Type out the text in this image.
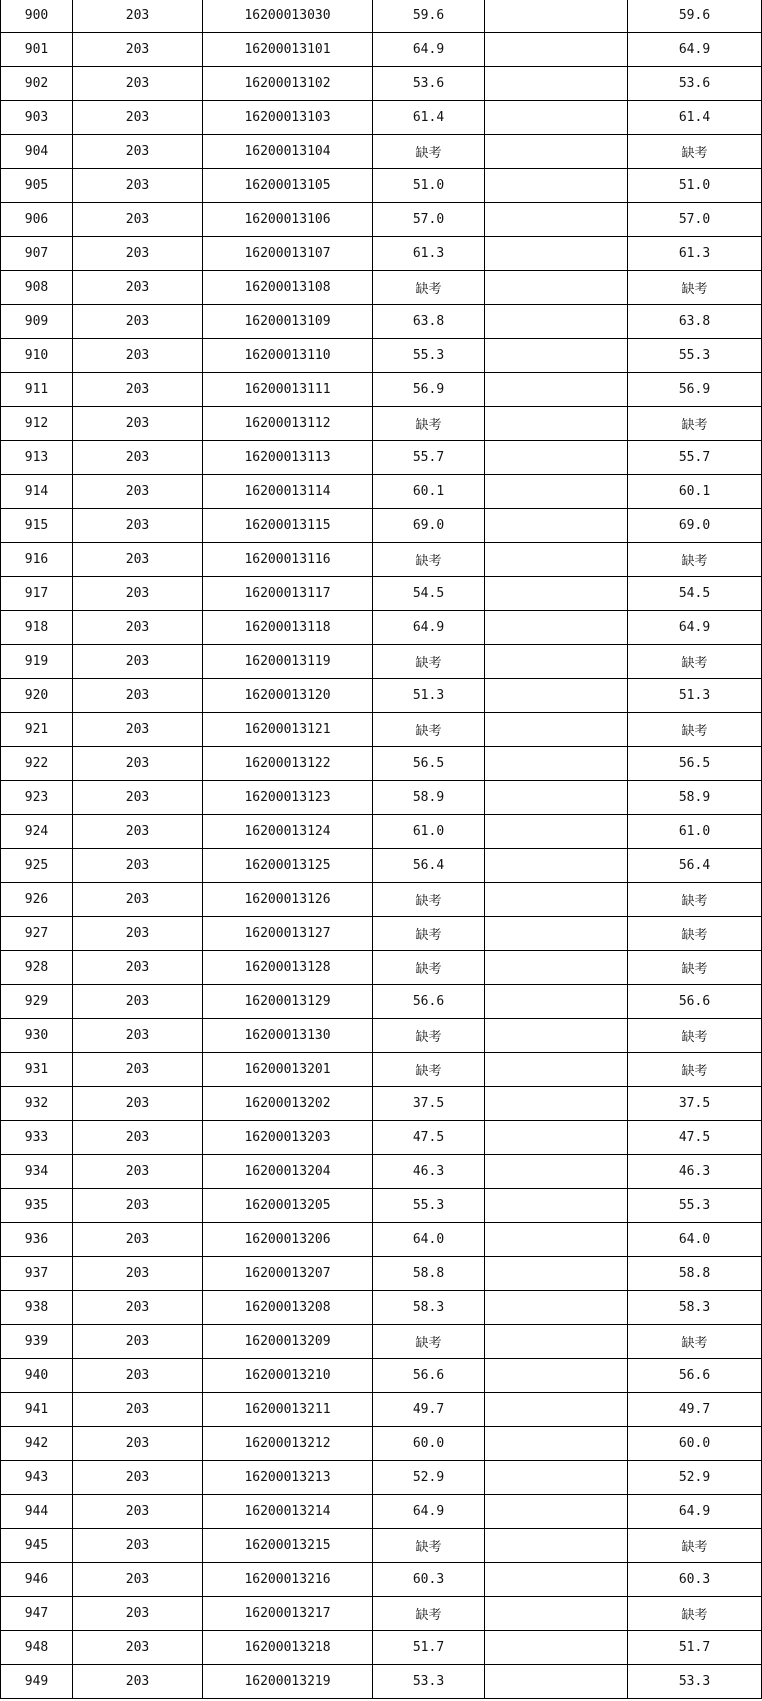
900	203	16200013030	59.6		59.6
901	203	16200013101	64.9		64.9
902	203	16200013102	53.6		53.6
903	203	16200013103	61.4		61.4
904	203	16200013104	缺考		缺考
905	203	16200013105	51.0		51.0
906	203	16200013106	57.0		57.0
907	203	16200013107	61.3		61.3
908	203	16200013108	缺考		缺考
909	203	16200013109	63.8		63.8
910	203	16200013110	55.3		55.3
911	203	16200013111	56.9		56.9
912	203	16200013112	缺考		缺考
913	203	16200013113	55.7		55.7
914	203	16200013114	60.1		60.1
915	203	16200013115	69.0		69.0
916	203	16200013116	缺考		缺考
917	203	16200013117	54.5		54.5
918	203	16200013118	64.9		64.9
919	203	16200013119	缺考		缺考
920	203	16200013120	51.3		51.3
921	203	16200013121	缺考		缺考
922	203	16200013122	56.5		56.5
923	203	16200013123	58.9		58.9
924	203	16200013124	61.0		61.0
925	203	16200013125	56.4		56.4
926	203	16200013126	缺考		缺考
927	203	16200013127	缺考		缺考
928	203	16200013128	缺考		缺考
929	203	16200013129	56.6		56.6
930	203	16200013130	缺考		缺考
931	203	16200013201	缺考		缺考
932	203	16200013202	37.5		37.5
933	203	16200013203	47.5		47.5
934	203	16200013204	46.3		46.3
935	203	16200013205	55.3		55.3
936	203	16200013206	64.0		64.0
937	203	16200013207	58.8		58.8
938	203	16200013208	58.3		58.3
939	203	16200013209	缺考		缺考
940	203	16200013210	56.6		56.6
941	203	16200013211	49.7		49.7
942	203	16200013212	60.0		60.0
943	203	16200013213	52.9		52.9
944	203	16200013214	64.9		64.9
945	203	16200013215	缺考		缺考
946	203	16200013216	60.3		60.3
947	203	16200013217	缺考		缺考
948	203	16200013218	51.7		51.7
949	203	16200013219	53.3		53.3
